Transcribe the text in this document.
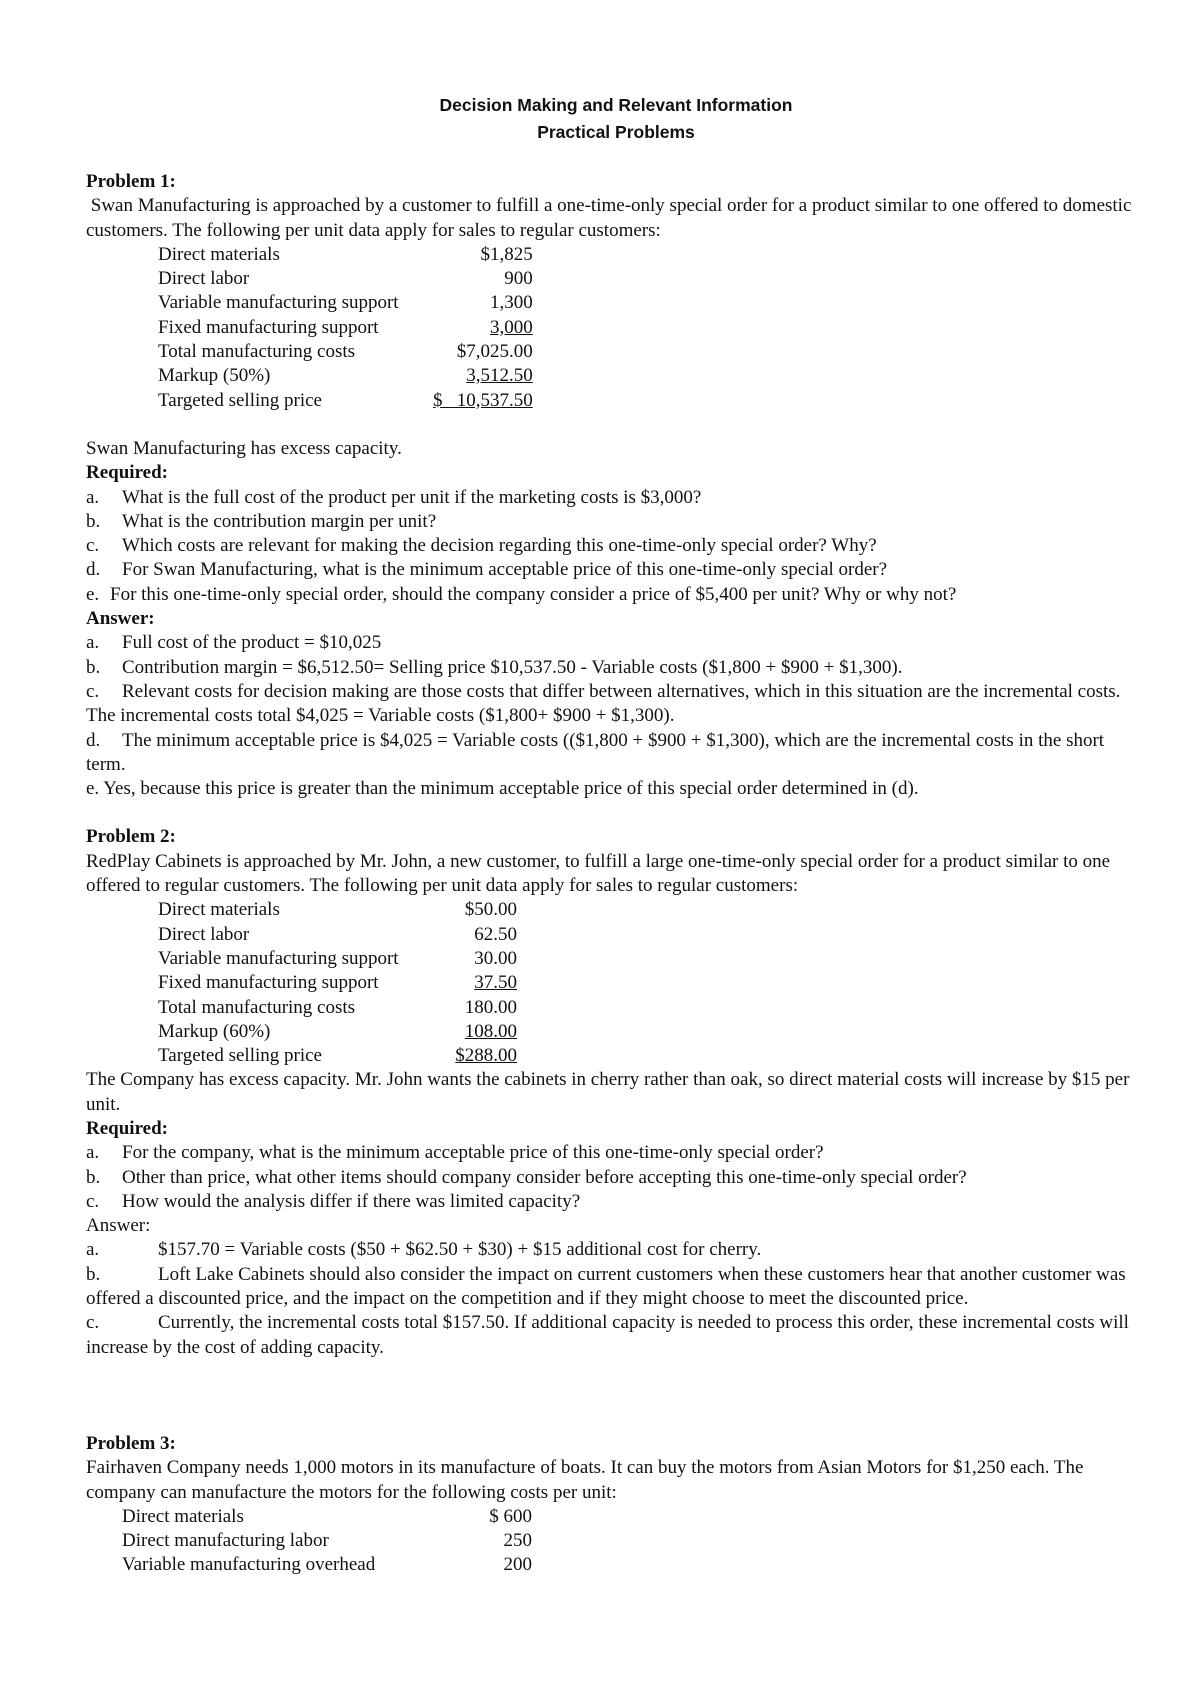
Decision Making and Relevant Information
Practical Problems
Problem 1:
Swan Manufacturing is approached by a customer to fulfill a one-time-only special order for a product similar to one offered to domestic customers. The following per unit data apply for sales to regular customers:
Direct materials	$1,825
Direct labor	900
Variable manufacturing support	1,300
Fixed manufacturing support	3,000
Total manufacturing costs	$7,025.00
Markup (50%)	3,512.50
Targeted selling price	$   10,537.50
Swan Manufacturing has excess capacity.
Required:
a.	What is the full cost of the product per unit if the marketing costs is $3,000?
b.	What is the contribution margin per unit?
c.	Which costs are relevant for making the decision regarding this one-time-only special order? Why?
d.	For Swan Manufacturing, what is the minimum acceptable price of this one-time-only special order?
e. For this one-time-only special order, should the company consider a price of $5,400 per unit? Why or why not?
Answer:
a.	Full cost of the product = $10,025
b.	Contribution margin = $6,512.50= Selling price $10,537.50 - Variable costs ($1,800 + $900 + $1,300).
c. Relevant costs for decision making are those costs that differ between alternatives, which in this situation are the incremental costs. The incremental costs total $4,025 = Variable costs ($1,800+ $900 + $1,300).
d. The minimum acceptable price is $4,025 = Variable costs (($1,800 + $900 + $1,300), which are the incremental costs in the short term.
e. Yes, because this price is greater than the minimum acceptable price of this special order determined in (d).
Problem 2:
RedPlay Cabinets is approached by Mr. John, a new customer, to fulfill a large one-time-only special order for a product similar to one offered to regular customers. The following per unit data apply for sales to regular customers:
Direct materials	$50.00
Direct labor	62.50
Variable manufacturing support	30.00
Fixed manufacturing support	37.50
Total manufacturing costs	180.00
Markup (60%)	108.00
Targeted selling price	$288.00
The Company has excess capacity. Mr. John wants the cabinets in cherry rather than oak, so direct material costs will increase by $15 per unit.
Required:
a.	For the company, what is the minimum acceptable price of this one-time-only special order?
b.	Other than price, what other items should company consider before accepting this one-time-only special order?
c.	How would the analysis differ if there was limited capacity?
Answer:
a.	$157.70 = Variable costs ($50 + $62.50 + $30) + $15 additional cost for cherry.
b.	Loft Lake Cabinets should also consider the impact on current customers when these customers hear that another customer was offered a discounted price, and the impact on the competition and if they might choose to meet the discounted price.
c.	Currently, the incremental costs total $157.50. If additional capacity is needed to process this order, these incremental costs will increase by the cost of adding capacity.
Problem 3:
Fairhaven Company needs 1,000 motors in its manufacture of boats. It can buy the motors from Asian Motors for $1,250 each. The company can manufacture the motors for the following costs per unit:
Direct materials	$ 600
Direct manufacturing labor	250
Variable manufacturing overhead	200
